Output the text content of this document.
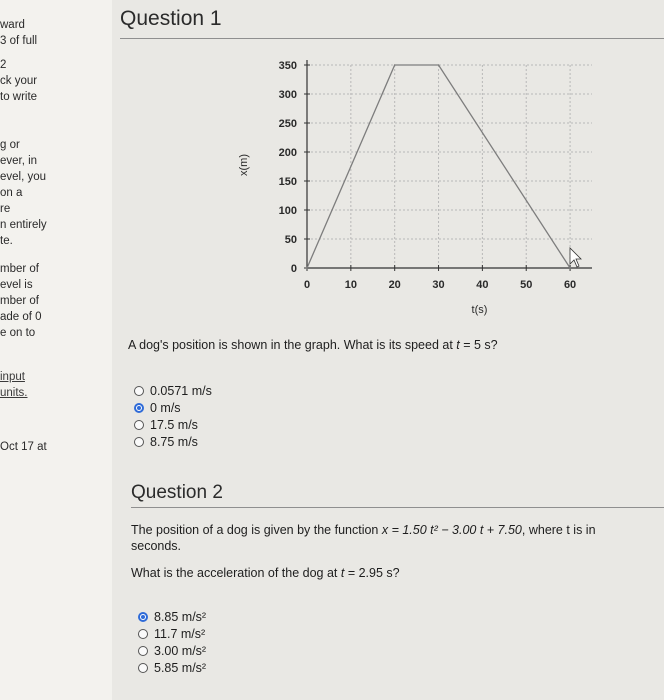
ward
3 of full
2
ck your
to write
g or
ever, in
evel, you
on a
re
n entirely
te.
mber of
evel is
mber of
ade of 0
e on to
input
units.
Oct 17 at
Question 1
0
50
100
150
200
250
300
350
0	10	20	30	40	50	60
t(s)
x(m)
A dog's position is shown in the graph. What is its speed at t = 5 s?
0.0571 m/s
0 m/s
17.5 m/s
8.75 m/s
Question 2
The position of a dog is given by the function x = 1.50 t² − 3.00 t + 7.50, where t is in
seconds.
What is the acceleration of the dog at t = 2.95 s?
8.85 m/s²
11.7 m/s²
3.00 m/s²
5.85 m/s²
